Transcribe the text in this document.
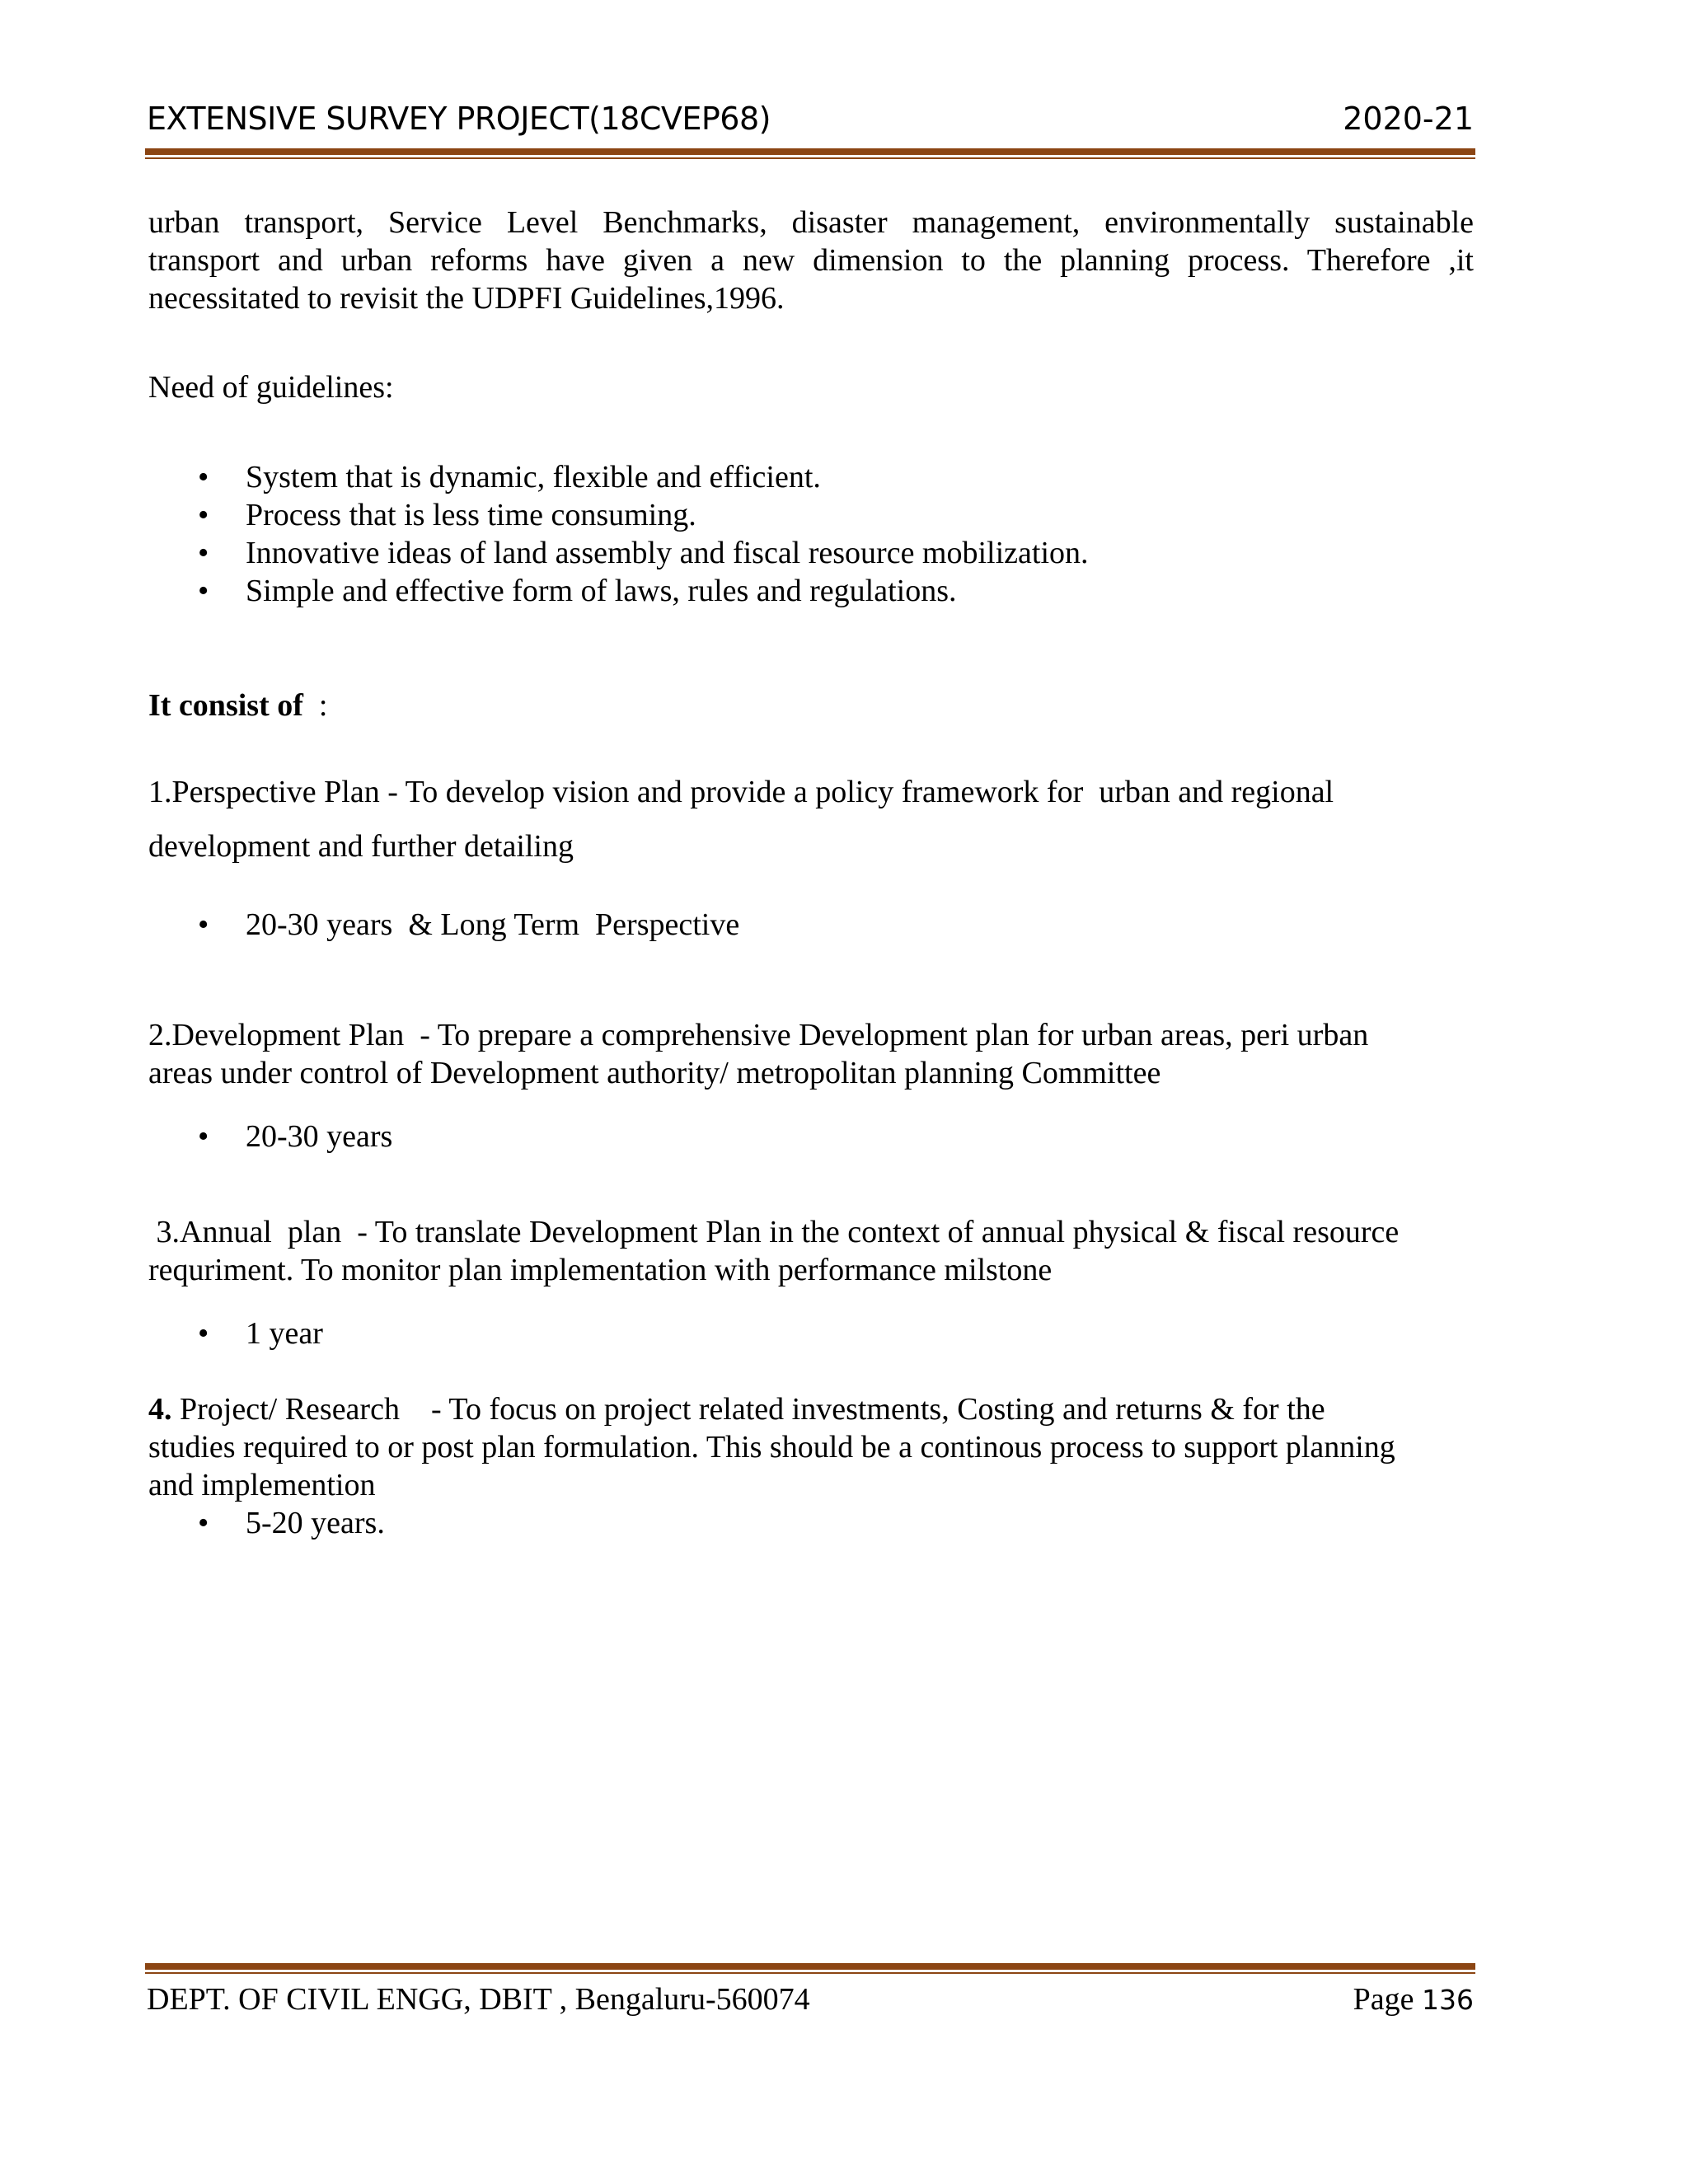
EXTENSIVE SURVEY PROJECT(18CVEP68)	2020-21
urban transport, Service Level Benchmarks, disaster management, environmentally sustainable
transport and urban reforms have given a new dimension to the planning process. Therefore ,it
necessitated to revisit the UDPFI Guidelines,1996.
Need of guidelines:
• System that is dynamic, flexible and efficient.
• Process that is less time consuming.
• Innovative ideas of land assembly and fiscal resource mobilization.
• Simple and effective form of laws, rules and regulations.
It consist of :
1.Perspective Plan - To develop vision and provide a policy framework for  urban and regional
development and further detailing
• 20-30 years  & Long Term  Perspective
2.Development Plan  - To prepare a comprehensive Development plan for urban areas, peri urban
areas under control of Development authority/ metropolitan planning Committee
• 20-30 years
3.Annual  plan  - To translate Development Plan in the context of annual physical & fiscal resource
requriment. To monitor plan implementation with performance milstone
• 1 year
4. Project/ Research    - To focus on project related investments, Costing and returns & for the
studies required to or post plan formulation. This should be a continous process to support planning
and implemention
• 5-20 years.
DEPT. OF CIVIL ENGG, DBIT , Bengaluru-560074	Page 136
